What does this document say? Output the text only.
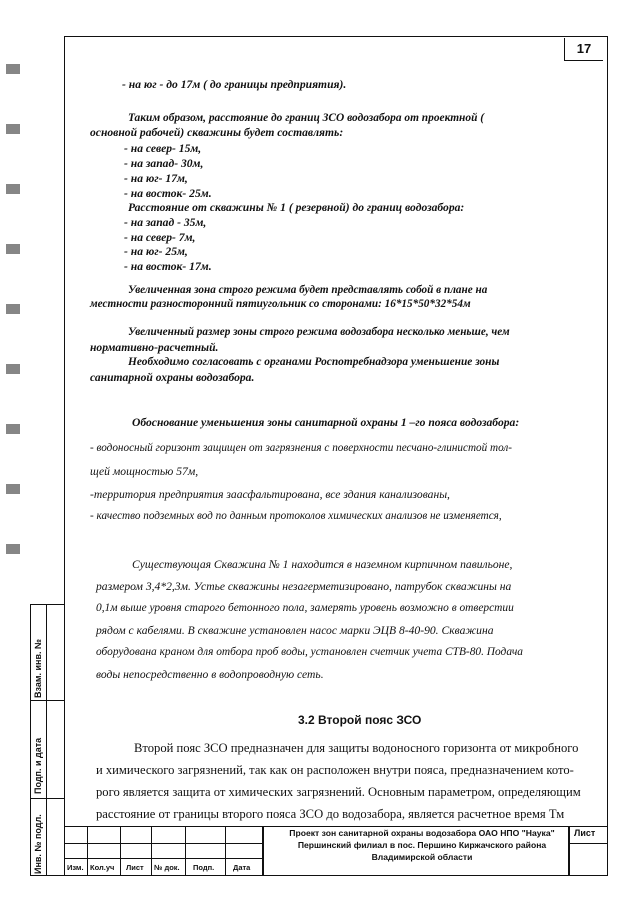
17
- на юг - до 17м ( до границы предприятия).
Таким образом, расстояние до границ ЗСО водозабора от проектной (
основной рабочей) скважины будет составлять:
- на север- 15м,
- на запад- 30м,
- на юг- 17м,
- на восток- 25м.
Расстояние от скважины № 1 ( резервной) до границ водозабора:
- на запад - 35м,
- на север- 7м,
- на юг- 25м,
- на восток- 17м.
Увеличенная зона строго режима будет представлять собой в плане на
местности разносторонний пятиугольник со сторонами: 16*15*50*32*54м
Увеличенный размер зоны строго режима водозабора несколько меньше, чем
нормативно-расчетный.
Необходимо согласовать с органами Роспотребнадзора уменьшение зоны
санитарной охраны водозабора.
Обоснование уменьшения зоны санитарной охраны 1 –го пояса водозабора:
- водоносный горизонт защищен от загрязнения с поверхности песчано-глинистой тол-
щей мощностью 57м,
-территория предприятия заасфальтирована, все здания канализованы,
- качество подземных вод по данным протоколов химических анализов не изменяется,
Существующая Скважина № 1 находится в наземном кирпичном павильоне,
размером 3,4*2,3м. Устье скважины незагерметизировано, патрубок скважины на
0,1м выше уровня старого бетонного пола, замерять уровень возможно в отверстии
рядом с кабелями. В скважине установлен насос марки ЭЦВ 8-40-90. Скважина
оборудована краном для отбора проб воды, установлен счетчик учета СТВ-80. Подача
воды непосредственно в водопроводную сеть.
3.2 Второй пояс ЗСО
Второй пояс ЗСО предназначен для защиты водоносного горизонта от микробного
и химического загрязнений, так как он расположен внутри пояса, предназначением кото-
рого является защита от химических загрязнений. Основным параметром, определяющим
расстояние от границы второго пояса ЗСО до водозабора, является расчетное время Тм
Взам. инв. №
Подп. и дата
Инв. № подл.	Изм. Кол.уч Лист № док. Подп.	Дата
Проект зон санитарной охраны водозабора ОАО НПО "Наука"
Першинский филиал в пос. Першино Киржачского района
Владимирской области
Лист
